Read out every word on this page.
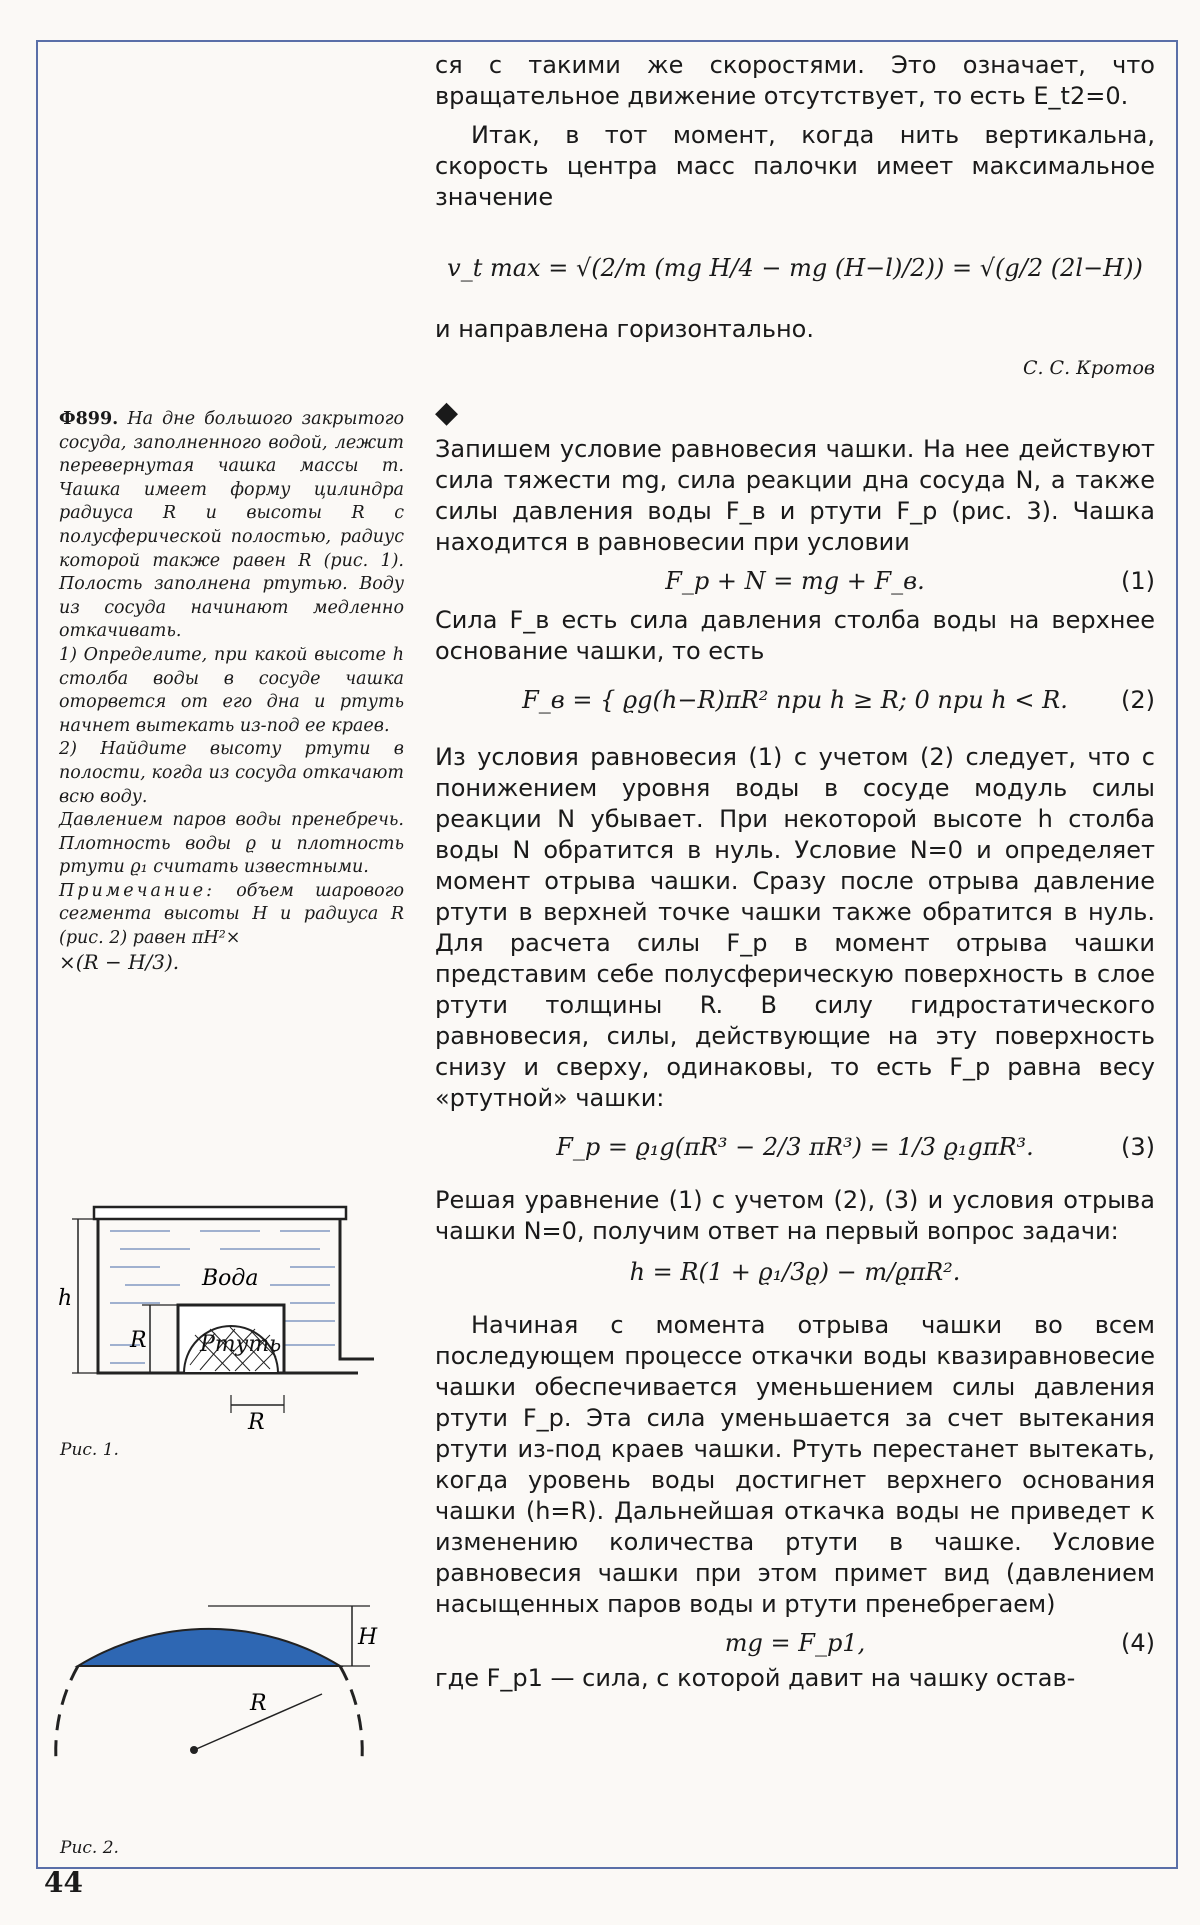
Ф899. На дне большого закрытого сосуда, заполненного водой, лежит перевернутая чашка массы m. Чашка имеет форму цилиндра радиуса R и высоты R с полусферической полостью, радиус которой также равен R (рис. 1). Полость заполнена ртутью. Воду из сосуда начинают медленно откачивать.

1) Определите, при какой высоте h столба воды в сосуде чашка оторвется от его дна и ртуть начнет вытекать из-под ее краев.

2) Найдите высоту ртути в полости, когда из сосуда откачают всю воду.

Давлением паров воды пренебречь. Плотность воды ϱ и плотность ртути ϱ₁ считать известными.

Примечание: объем шарового сегмента высоты H и радиуса R (рис. 2) равен πH²×

×(R − H/3).

Вода
Ртуть
h
R
R
Рис. 1.
H
R
Рис. 2.

ся с такими же скоростями. Это означает, что вращательное движение отсутствует, то есть E_t2=0.

Итак, в тот момент, когда нить вертикальна, скорость центра масс палочки имеет максимальное значение

v_t max = √(2/m (mg H/4 − mg (H−l)/2)) = √(g/2 (2l−H))

и направлена горизонтально.

С. С. Кротов
◆

Запишем условие равновесия чашки. На нее действуют сила тяжести mg, сила реакции дна сосуда N, а также силы давления воды F_в и ртути F_р (рис. 3). Чашка находится в равновесии при условии

F_р + N = mg + F_в.	(1)

Сила F_в есть сила давления столба воды на верхнее основание чашки, то есть

F_в = { ϱg(h−R)πR² при h ≥ R; 0 при h < R. (2)

Из условия равновесия (1) с учетом (2) следует, что с понижением уровня воды в сосуде модуль силы реакции N убывает. При некоторой высоте h столба воды N обратится в нуль. Условие N=0 и определяет момент отрыва чашки. Сразу после отрыва давление ртути в верхней точке чашки также обратится в нуль. Для расчета силы F_р в момент отрыва чашки представим себе полусферическую поверхность в слое ртути толщины R. В силу гидростатического равновесия, силы, действующие на эту поверхность снизу и сверху, одинаковы, то есть F_р равна весу «ртутной» чашки:

F_р = ϱ₁g(πR³ − 2/3 πR³) = 1/3 ϱ₁gπR³.	(3)

Решая уравнение (1) с учетом (2), (3) и условия отрыва чашки N=0, получим ответ на первый вопрос задачи:

h = R(1 + ϱ₁/3ϱ) − m/ϱπR².

Начиная с момента отрыва чашки во всем последующем процессе откачки воды квазиравновесие чашки обеспечивается уменьшением силы давления ртути F_р. Эта сила уменьшается за счет вытекания ртути из-под краев чашки. Ртуть перестанет вытекать, когда уровень воды достигнет верхнего основания чашки (h=R). Дальнейшая откачка воды не приведет к изменению количества ртути в чашке. Условие равновесия чашки при этом примет вид (давлением насыщенных паров воды и ртути пренебрегаем)

mg = F_р1,	(4)

где F_р1 — сила, с которой давит на чашку остав-

44
